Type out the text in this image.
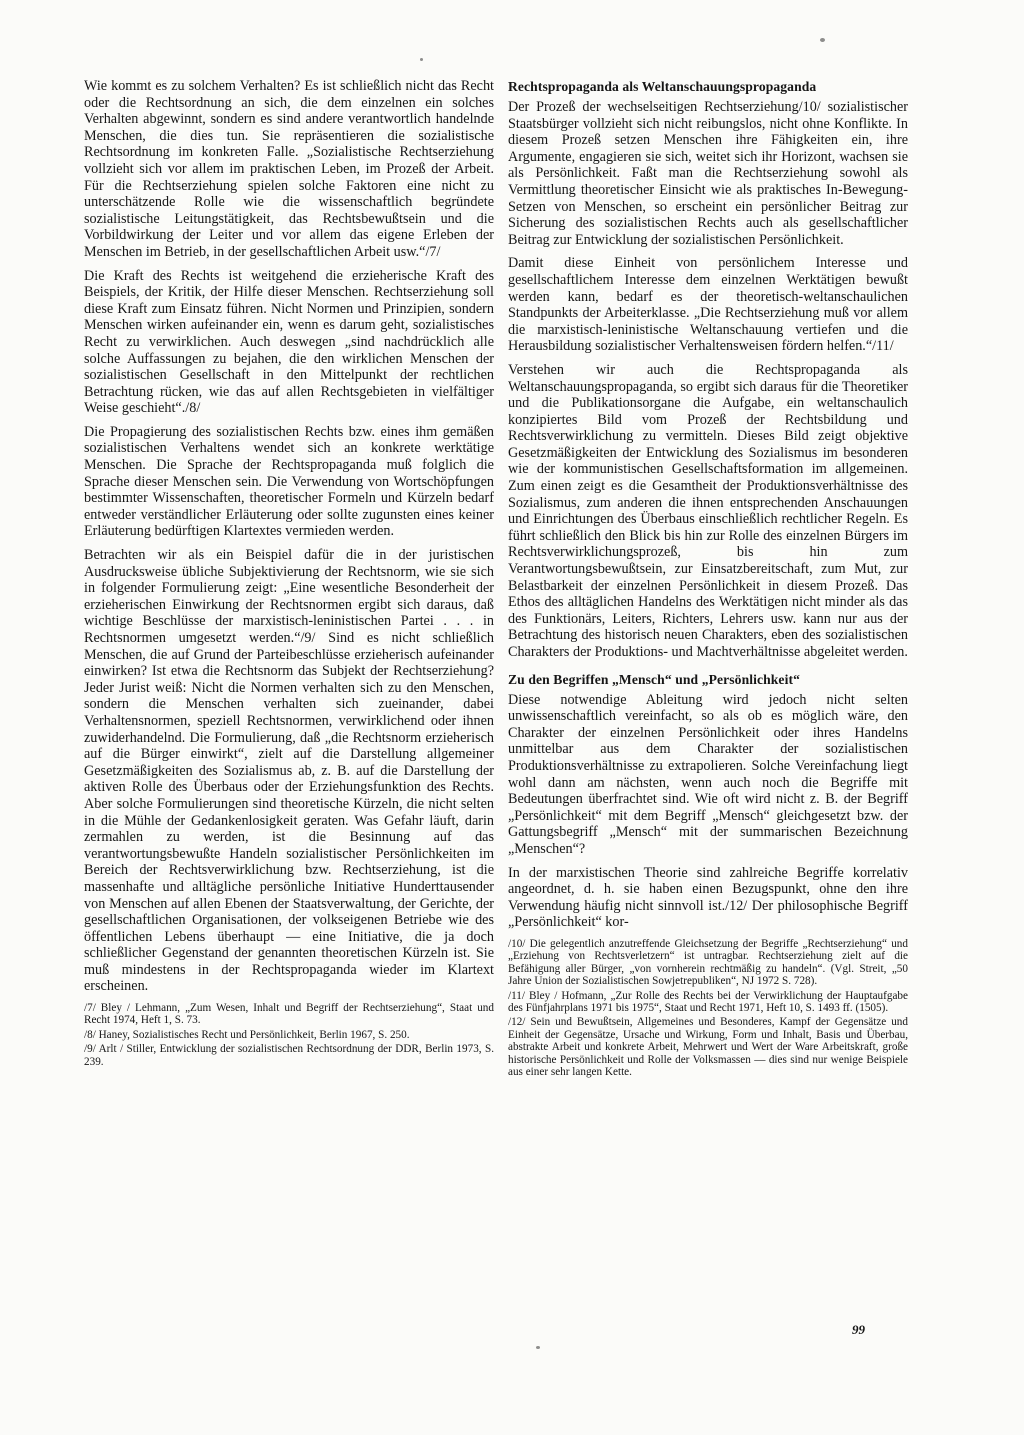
Wie kommt es zu solchem Verhalten? Es ist schließlich nicht das Recht oder die Rechtsordnung an sich, die dem einzelnen ein solches Verhalten abgewinnt, sondern es sind andere verantwortlich handelnde Menschen, die dies tun. Sie repräsentieren die sozialistische Rechtsordnung im konkreten Falle. „Sozialistische Rechtserziehung vollzieht sich vor allem im praktischen Leben, im Prozeß der Arbeit. Für die Rechtserziehung spielen solche Faktoren eine nicht zu unterschätzende Rolle wie die wissenschaftlich begründete sozialistische Leitungstätigkeit, das Rechtsbewußtsein und die Vorbildwirkung der Leiter und vor allem das eigene Erleben der Menschen im Betrieb, in der gesellschaftlichen Arbeit usw.“/7/

Die Kraft des Rechts ist weitgehend die erzieherische Kraft des Beispiels, der Kritik, der Hilfe dieser Menschen. Rechtserziehung soll diese Kraft zum Einsatz führen. Nicht Normen und Prinzipien, sondern Menschen wirken aufeinander ein, wenn es darum geht, sozialistisches Recht zu verwirklichen. Auch deswegen „sind nachdrücklich alle solche Auffassungen zu bejahen, die den wirklichen Menschen der sozialistischen Gesellschaft in den Mittelpunkt der rechtlichen Betrachtung rücken, wie das auf allen Rechtsgebieten in vielfältiger Weise geschieht“./8/

Die Propagierung des sozialistischen Rechts bzw. eines ihm gemäßen sozialistischen Verhaltens wendet sich an konkrete werktätige Menschen. Die Sprache der Rechtspropaganda muß folglich die Sprache dieser Menschen sein. Die Verwendung von Wortschöpfungen bestimmter Wissenschaften, theoretischer Formeln und Kürzeln bedarf entweder verständlicher Erläuterung oder sollte zugunsten eines keiner Erläuterung bedürftigen Klartextes vermieden werden.

Betrachten wir als ein Beispiel dafür die in der juristischen Ausdrucksweise übliche Subjektivierung der Rechtsnorm, wie sie sich in folgender Formulierung zeigt: „Eine wesentliche Besonderheit der erzieherischen Einwirkung der Rechtsnormen ergibt sich daraus, daß wichtige Beschlüsse der marxistisch-leninistischen Partei . . . in Rechtsnormen umgesetzt werden.“/9/ Sind es nicht schließlich Menschen, die auf Grund der Parteibeschlüsse erzieherisch aufeinander einwirken? Ist etwa die Rechtsnorm das Subjekt der Rechtserziehung? Jeder Jurist weiß: Nicht die Normen verhalten sich zu den Menschen, sondern die Menschen verhalten sich zueinander, dabei Verhaltensnormen, speziell Rechtsnormen, verwirklichend oder ihnen zuwiderhandelnd. Die Formulierung, daß „die Rechtsnorm erzieherisch auf die Bürger einwirkt“, zielt auf die Darstellung allgemeiner Gesetzmäßigkeiten des Sozialismus ab, z. B. auf die Darstellung der aktiven Rolle des Überbaus oder der Erziehungsfunktion des Rechts. Aber solche Formulierungen sind theoretische Kürzeln, die nicht selten in die Mühle der Gedankenlosigkeit geraten. Was Gefahr läuft, darin zermahlen zu werden, ist die Besinnung auf das verantwortungsbewußte Handeln sozialistischer Persönlichkeiten im Bereich der Rechtsverwirklichung bzw. Rechtserziehung, ist die massenhafte und alltägliche persönliche Initiative Hunderttausender von Menschen auf allen Ebenen der Staatsverwaltung, der Gerichte, der gesellschaftlichen Organisationen, der volkseigenen Betriebe wie des öffentlichen Lebens überhaupt — eine Initiative, die ja doch schließlicher Gegenstand der genannten theoretischen Kürzeln ist. Sie muß mindestens in der Rechtspropaganda wieder im Klartext erscheinen.

/7/ Bley / Lehmann, „Zum Wesen, Inhalt und Begriff der Rechtserziehung“, Staat und Recht 1974, Heft 1, S. 73.

/8/ Haney, Sozialistisches Recht und Persönlichkeit, Berlin 1967, S. 250.

/9/ Arlt / Stiller, Entwicklung der sozialistischen Rechtsordnung der DDR, Berlin 1973, S. 239.

Rechtspropaganda als Weltanschauungspropaganda

Der Prozeß der wechselseitigen Rechtserziehung/10/ sozialistischer Staatsbürger vollzieht sich nicht reibungslos, nicht ohne Konflikte. In diesem Prozeß setzen Menschen ihre Fähigkeiten ein, ihre Argumente, engagieren sie sich, weitet sich ihr Horizont, wachsen sie als Persönlichkeit. Faßt man die Rechtserziehung sowohl als Vermittlung theoretischer Einsicht wie als praktisches In-Bewegung-Setzen von Menschen, so erscheint ein persönlicher Beitrag zur Sicherung des sozialistischen Rechts auch als gesellschaftlicher Beitrag zur Entwicklung der sozialistischen Persönlichkeit.

Damit diese Einheit von persönlichem Interesse und gesellschaftlichem Interesse dem einzelnen Werktätigen bewußt werden kann, bedarf es der theoretisch-weltanschaulichen Standpunkts der Arbeiterklasse. „Die Rechtserziehung muß vor allem die marxistisch-leninistische Weltanschauung vertiefen und die Herausbildung sozialistischer Verhaltensweisen fördern helfen.“/11/

Verstehen wir auch die Rechtspropaganda als Weltanschauungspropaganda, so ergibt sich daraus für die Theoretiker und die Publikationsorgane die Aufgabe, ein weltanschaulich konzipiertes Bild vom Prozeß der Rechtsbildung und Rechtsverwirklichung zu vermitteln. Dieses Bild zeigt objektive Gesetzmäßigkeiten der Entwicklung des Sozialismus im besonderen wie der kommunistischen Gesellschaftsformation im allgemeinen. Zum einen zeigt es die Gesamtheit der Produktionsverhältnisse des Sozialismus, zum anderen die ihnen entsprechenden Anschauungen und Einrichtungen des Überbaus einschließlich rechtlicher Regeln. Es führt schließlich den Blick bis hin zur Rolle des einzelnen Bürgers im Rechtsverwirklichungsprozeß, bis hin zum Verantwortungsbewußtsein, zur Einsatzbereitschaft, zum Mut, zur Belastbarkeit der einzelnen Persönlichkeit in diesem Prozeß. Das Ethos des alltäglichen Handelns des Werktätigen nicht minder als das des Funktionärs, Leiters, Richters, Lehrers usw. kann nur aus der Betrachtung des historisch neuen Charakters, eben des sozialistischen Charakters der Produktions- und Machtverhältnisse abgeleitet werden.

Zu den Begriffen „Mensch“ und „Persönlichkeit“

Diese notwendige Ableitung wird jedoch nicht selten unwissenschaftlich vereinfacht, so als ob es möglich wäre, den Charakter der einzelnen Persönlichkeit oder ihres Handelns unmittelbar aus dem Charakter der sozialistischen Produktionsverhältnisse zu extrapolieren. Solche Vereinfachung liegt wohl dann am nächsten, wenn auch noch die Begriffe mit Bedeutungen überfrachtet sind. Wie oft wird nicht z. B. der Begriff „Persönlichkeit“ mit dem Begriff „Mensch“ gleichgesetzt bzw. der Gattungsbegriff „Mensch“ mit der summarischen Bezeichnung „Menschen“?

In der marxistischen Theorie sind zahlreiche Begriffe korrelativ angeordnet, d. h. sie haben einen Bezugspunkt, ohne den ihre Verwendung häufig nicht sinnvoll ist./12/ Der philosophische Begriff „Persönlichkeit“ kor-

/10/ Die gelegentlich anzutreffende Gleichsetzung der Begriffe „Rechtserziehung“ und „Erziehung von Rechtsverletzern“ ist untragbar. Rechtserziehung zielt auf die Befähigung aller Bürger, „von vornherein rechtmäßig zu handeln“. (Vgl. Streit, „50 Jahre Union der Sozialistischen Sowjetrepubliken“, NJ 1972 S. 728).

/11/ Bley / Hofmann, „Zur Rolle des Rechts bei der Verwirklichung der Hauptaufgabe des Fünfjahrplans 1971 bis 1975“, Staat und Recht 1971, Heft 10, S. 1493 ff. (1505).

/12/ Sein und Bewußtsein, Allgemeines und Besonderes, Kampf der Gegensätze und Einheit der Gegensätze, Ursache und Wirkung, Form und Inhalt, Basis und Überbau, abstrakte Arbeit und konkrete Arbeit, Mehrwert und Wert der Ware Arbeitskraft, große historische Persönlichkeit und Rolle der Volksmassen — dies sind nur wenige Beispiele aus einer sehr langen Kette.

99
